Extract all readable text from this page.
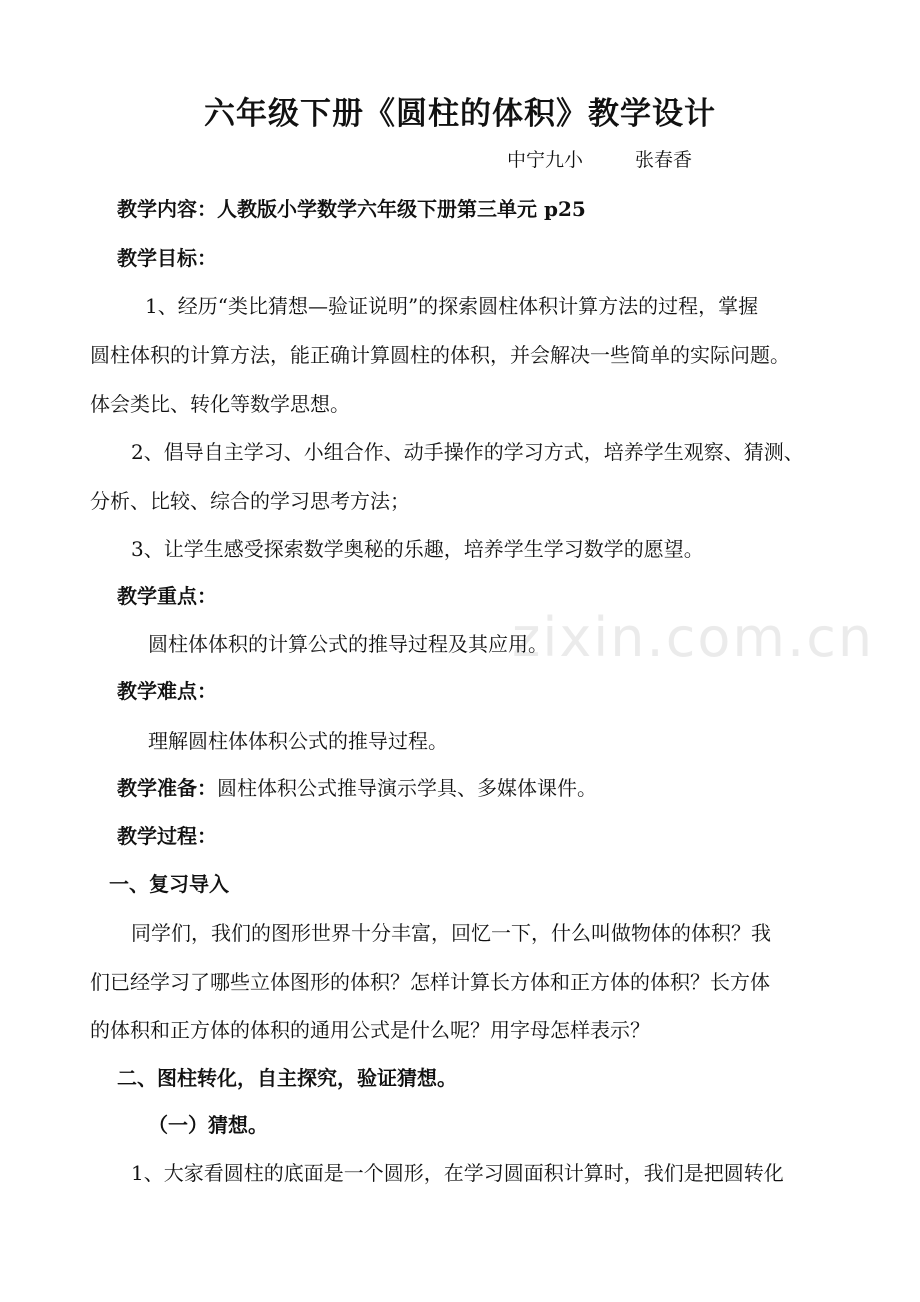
六年级下册《圆柱的体积》教学设计
中宁九小	张春香
教学内容：人教版小学数学六年级下册第三单元 p25
教学目标：
1、经历“类比猜想—验证说明”的探索圆柱体积计算方法的过程，掌握
圆柱体积的计算方法，能正确计算圆柱的体积，并会解决一些简单的实际问题。
体会类比、转化等数学思想。
2、倡导自主学习、小组合作、动手操作的学习方式，培养学生观察、猜测、
分析、比较、综合的学习思考方法；
3、让学生感受探索数学奥秘的乐趣，培养学生学习数学的愿望。
教学重点：
圆柱体体积的计算公式的推导过程及其应用。
教学难点：
理解圆柱体体积公式的推导过程。
教学准备：圆柱体积公式推导演示学具、多媒体课件。
教学过程：
一、复习导入
同学们，我们的图形世界十分丰富，回忆一下，什么叫做物体的体积？我
们已经学习了哪些立体图形的体积？怎样计算长方体和正方体的体积？长方体
的体积和正方体的体积的通用公式是什么呢？用字母怎样表示？
二、图柱转化，自主探究，验证猜想。
（一）猜想。
1、大家看圆柱的底面是一个圆形，在学习圆面积计算时，我们是把圆转化
zixin.com.cn
